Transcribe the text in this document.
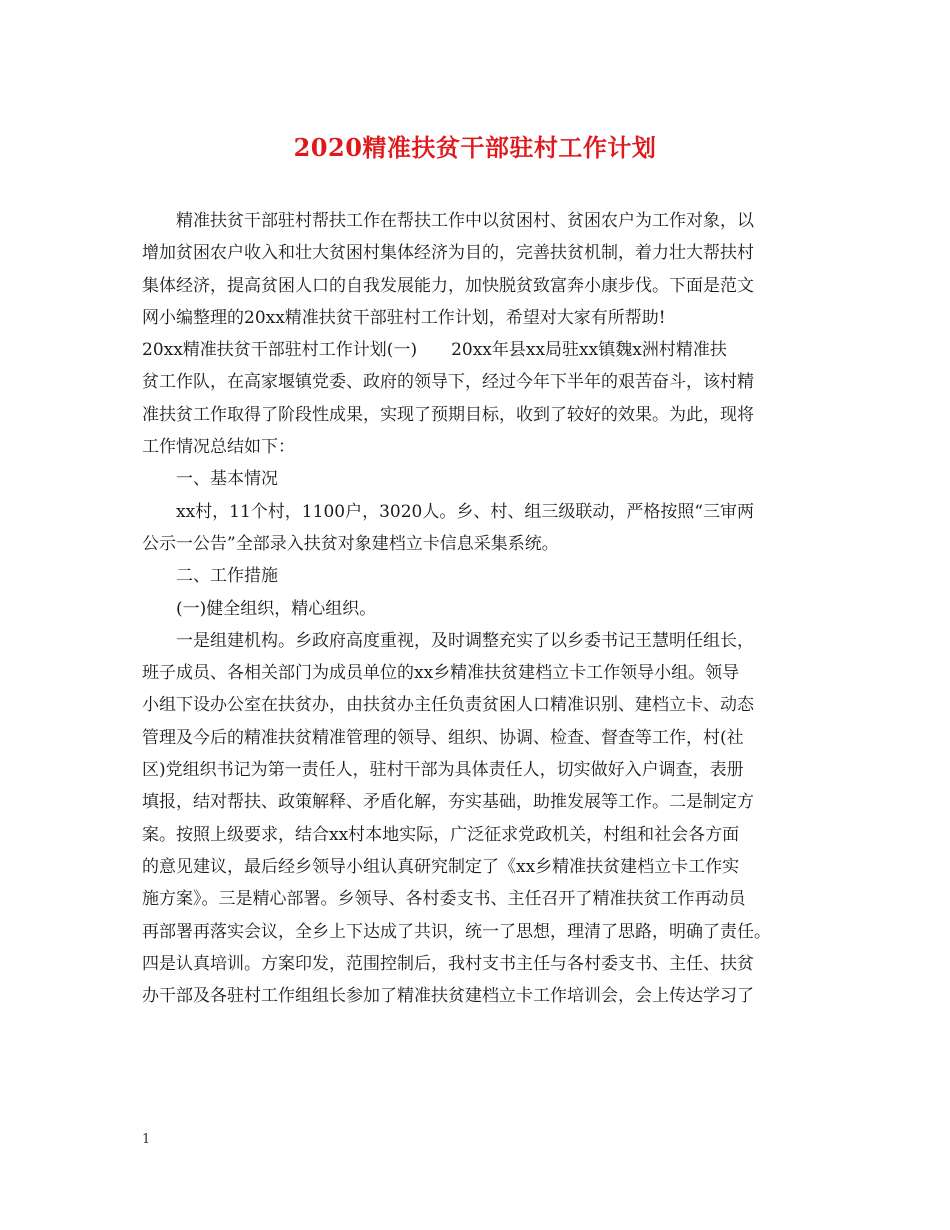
2020精准扶贫干部驻村工作计划
精准扶贫干部驻村帮扶工作在帮扶工作中以贫困村、贫困农户为工作对象，以
增加贫困农户收入和壮大贫困村集体经济为目的，完善扶贫机制，着力壮大帮扶村
集体经济，提高贫困人口的自我发展能力，加快脱贫致富奔小康步伐。下面是范文
网小编整理的20xx精准扶贫干部驻村工作计划，希望对大家有所帮助!
20xx精准扶贫干部驻村工作计划(一)　　20xx年县xx局驻xx镇魏x洲村精准扶
贫工作队，在高家堰镇党委、政府的领导下，经过今年下半年的艰苦奋斗，该村精
准扶贫工作取得了阶段性成果，实现了预期目标，收到了较好的效果。为此，现将
工作情况总结如下：
一、基本情况
xx村，11个村，1100户，3020人。乡、村、组三级联动，严格按照“三审两
公示一公告”全部录入扶贫对象建档立卡信息采集系统。
二、工作措施
(一)健全组织，精心组织。
一是组建机构。乡政府高度重视，及时调整充实了以乡委书记王慧明任组长，
班子成员、各相关部门为成员单位的xx乡精准扶贫建档立卡工作领导小组。领导
小组下设办公室在扶贫办，由扶贫办主任负责贫困人口精准识别、建档立卡、动态
管理及今后的精准扶贫精准管理的领导、组织、协调、检查、督查等工作，村(社
区)党组织书记为第一责任人，驻村干部为具体责任人，切实做好入户调查，表册
填报，结对帮扶、政策解释、矛盾化解，夯实基础，助推发展等工作。二是制定方
案。按照上级要求，结合xx村本地实际，广泛征求党政机关，村组和社会各方面
的意见建议，最后经乡领导小组认真研究制定了《xx乡精准扶贫建档立卡工作实
施方案》。三是精心部署。乡领导、各村委支书、主任召开了精准扶贫工作再动员
再部署再落实会议，全乡上下达成了共识，统一了思想，理清了思路，明确了责任。
四是认真培训。方案印发，范围控制后，我村支书主任与各村委支书、主任、扶贫
办干部及各驻村工作组组长参加了精准扶贫建档立卡工作培训会，会上传达学习了
1
